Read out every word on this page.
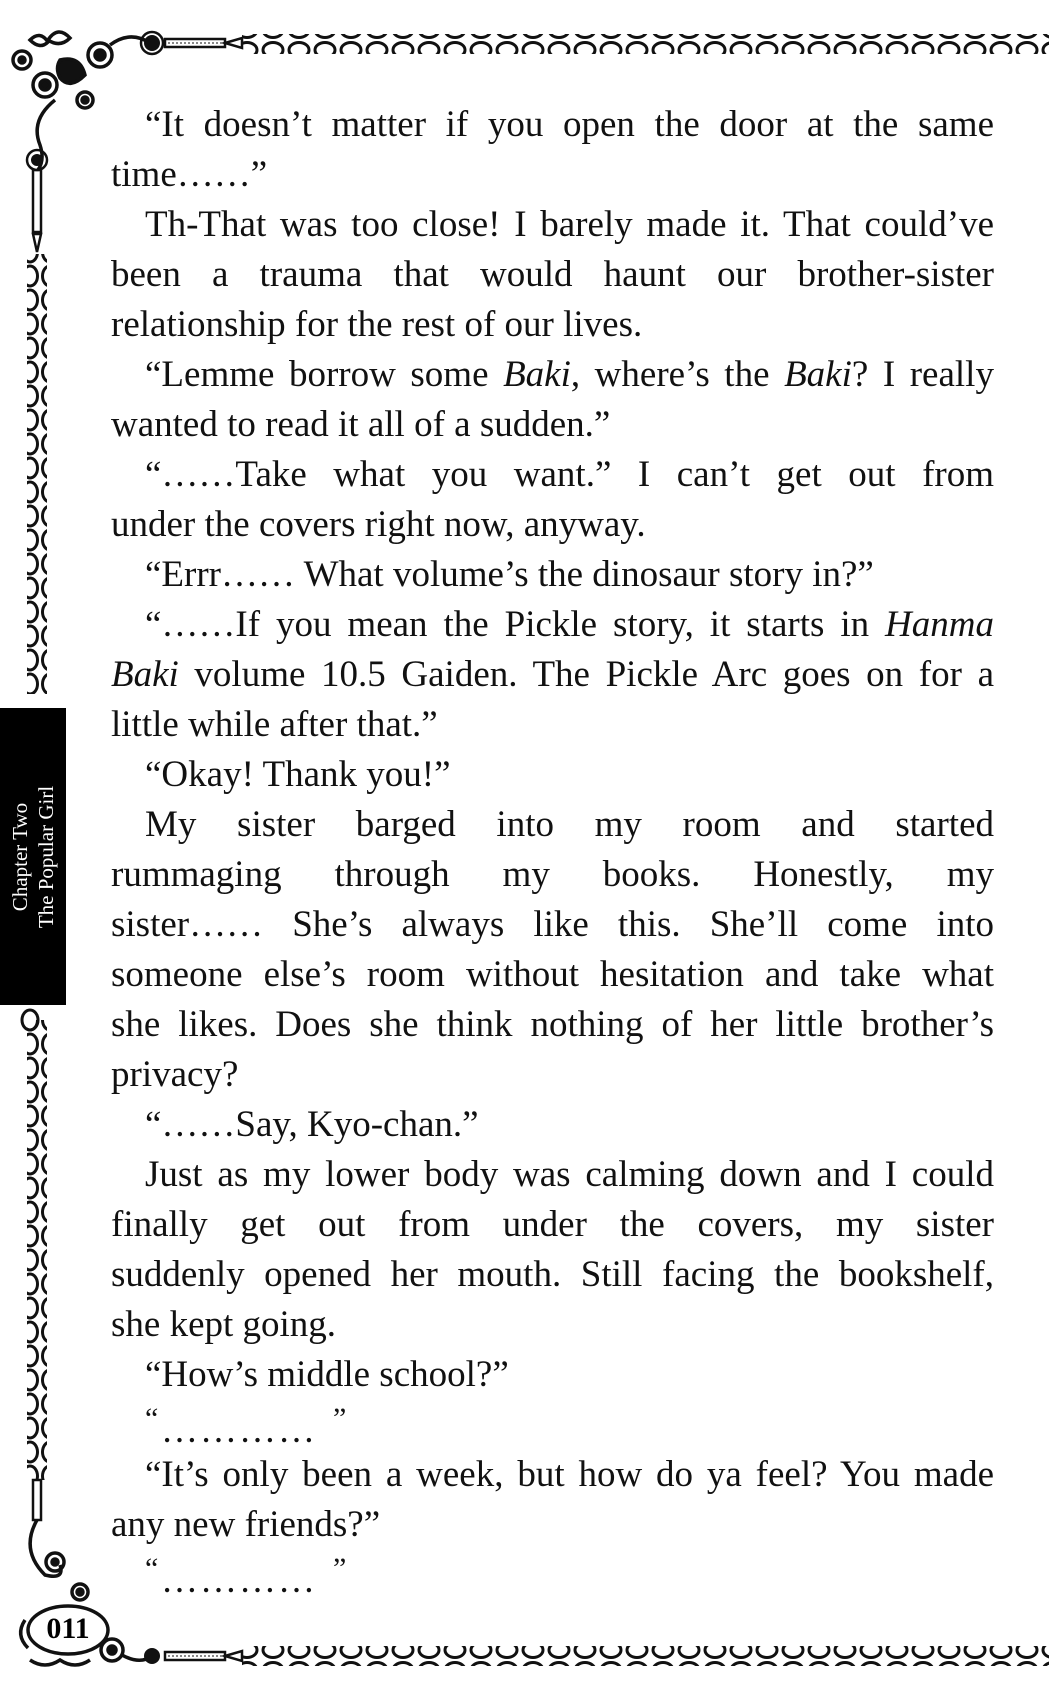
Chapter Two The Popular Girl
011
“It doesn’t matter if you open the door at the same
time……”
Th-That was too close! I barely made it. That could’ve
been a trauma that would haunt our brother-sister
relationship for the rest of our lives.
“Lemme borrow some Baki, where’s the Baki? I really
wanted to read it all of a sudden.”
“……Take what you want.” I can’t get out from
under the covers right now, anyway.
“Errr…… What volume’s the dinosaur story in?”
“……If you mean the Pickle story, it starts in Hanma
Baki volume 10.5 Gaiden. The Pickle Arc goes on for a
little while after that.”
“Okay! Thank you!”
My sister barged into my room and started
rummaging through my books. Honestly, my
sister…… She’s always like this. She’ll come into
someone else’s room without hesitation and take what
she likes. Does she think nothing of her little brother’s
privacy?
“……Say, Kyo-chan.”
Just as my lower body was calming down and I could
finally get out from under the covers, my sister
suddenly opened her mouth. Still facing the bookshelf,
she kept going.
“How’s middle school?”
“ ………… ”
“It’s only been a week, but how do ya feel? You made
any new friends?”
“ ………… ”
